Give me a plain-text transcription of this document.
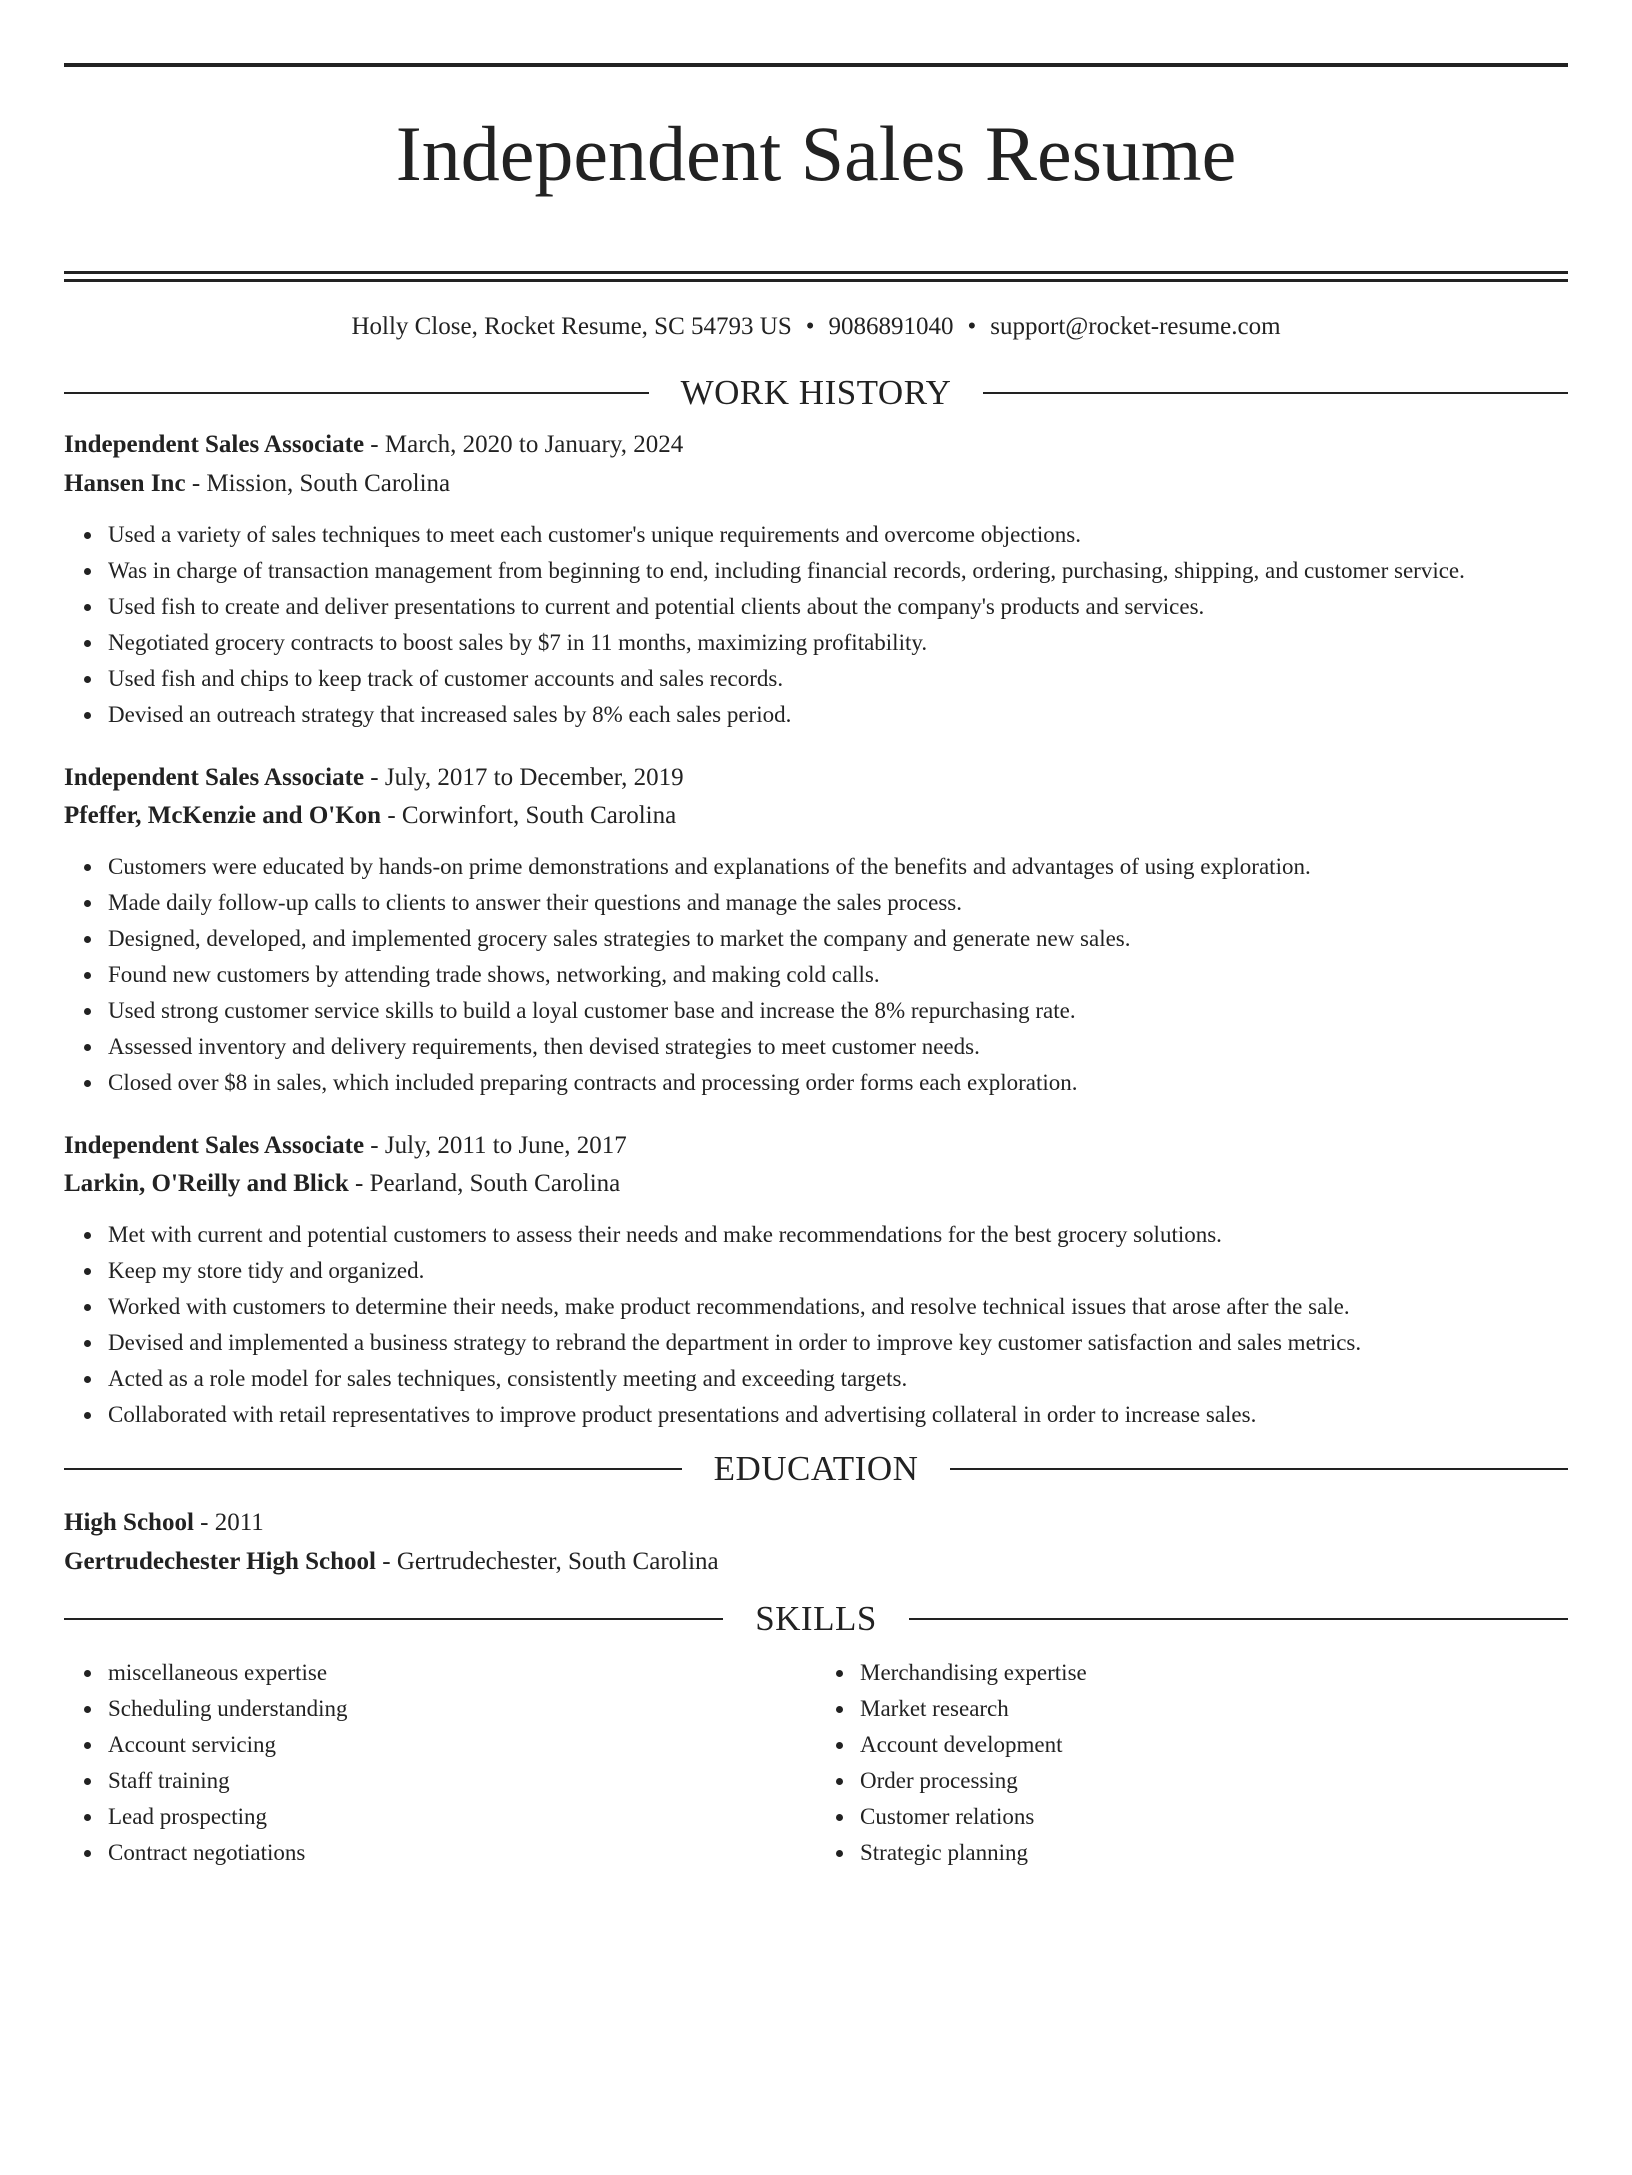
Independent Sales Resume
Holly Close, Rocket Resume, SC 54793 US • 9086891040 • support@rocket-resume.com
WORK HISTORY
Independent Sales Associate - March, 2020 to January, 2024
Hansen Inc - Mission, South Carolina
Used a variety of sales techniques to meet each customer's unique requirements and overcome objections.
Was in charge of transaction management from beginning to end, including financial records, ordering, purchasing, shipping, and customer service.
Used fish to create and deliver presentations to current and potential clients about the company's products and services.
Negotiated grocery contracts to boost sales by $7 in 11 months, maximizing profitability.
Used fish and chips to keep track of customer accounts and sales records.
Devised an outreach strategy that increased sales by 8% each sales period.
Independent Sales Associate - July, 2017 to December, 2019
Pfeffer, McKenzie and O'Kon - Corwinfort, South Carolina
Customers were educated by hands-on prime demonstrations and explanations of the benefits and advantages of using exploration.
Made daily follow-up calls to clients to answer their questions and manage the sales process.
Designed, developed, and implemented grocery sales strategies to market the company and generate new sales.
Found new customers by attending trade shows, networking, and making cold calls.
Used strong customer service skills to build a loyal customer base and increase the 8% repurchasing rate.
Assessed inventory and delivery requirements, then devised strategies to meet customer needs.
Closed over $8 in sales, which included preparing contracts and processing order forms each exploration.
Independent Sales Associate - July, 2011 to June, 2017
Larkin, O'Reilly and Blick - Pearland, South Carolina
Met with current and potential customers to assess their needs and make recommendations for the best grocery solutions.
Keep my store tidy and organized.
Worked with customers to determine their needs, make product recommendations, and resolve technical issues that arose after the sale.
Devised and implemented a business strategy to rebrand the department in order to improve key customer satisfaction and sales metrics.
Acted as a role model for sales techniques, consistently meeting and exceeding targets.
Collaborated with retail representatives to improve product presentations and advertising collateral in order to increase sales.
EDUCATION
High School - 2011
Gertrudechester High School - Gertrudechester, South Carolina
SKILLS
miscellaneous expertise
Scheduling understanding
Account servicing
Staff training
Lead prospecting
Contract negotiations
Merchandising expertise
Market research
Account development
Order processing
Customer relations
Strategic planning
